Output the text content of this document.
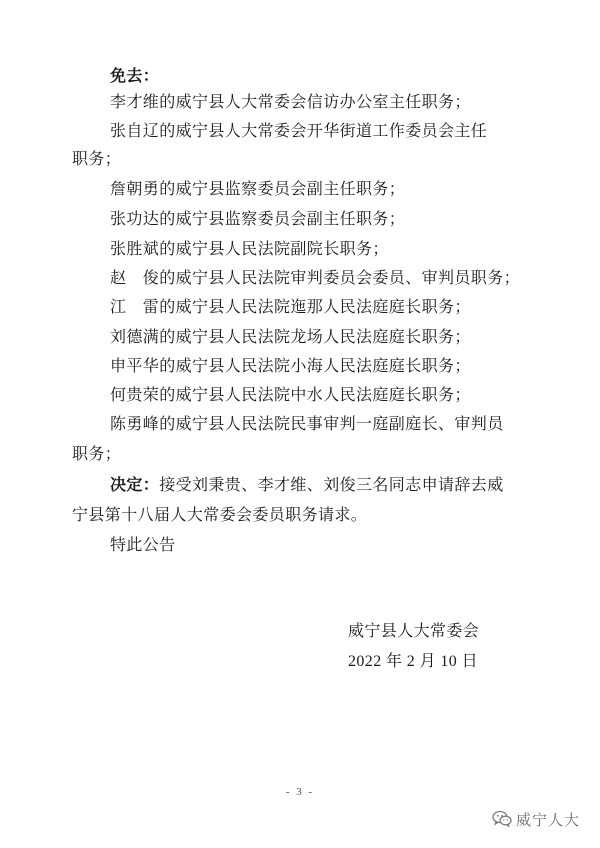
免去：
李才维的威宁县人大常委会信访办公室主任职务；
张自辽的威宁县人大常委会开华街道工作委员会主任
职务；
詹朝勇的威宁县监察委员会副主任职务；
张功达的威宁县监察委员会副主任职务；
张胜斌的威宁县人民法院副院长职务；
赵　俊的威宁县人民法院审判委员会委员、审判员职务；
江　雷的威宁县人民法院迤那人民法庭庭长职务；
刘德满的威宁县人民法院龙场人民法庭庭长职务；
申平华的威宁县人民法院小海人民法庭庭长职务；
何贵荣的威宁县人民法院中水人民法庭庭长职务；
陈勇峰的威宁县人民法院民事审判一庭副庭长、审判员
职务；
决定：接受刘秉贵、李才维、刘俊三名同志申请辞去威
宁县第十八届人大常委会委员职务请求。
特此公告
威宁县人大常委会
2022 年 2 月 10 日
- 3 -
威宁人大
